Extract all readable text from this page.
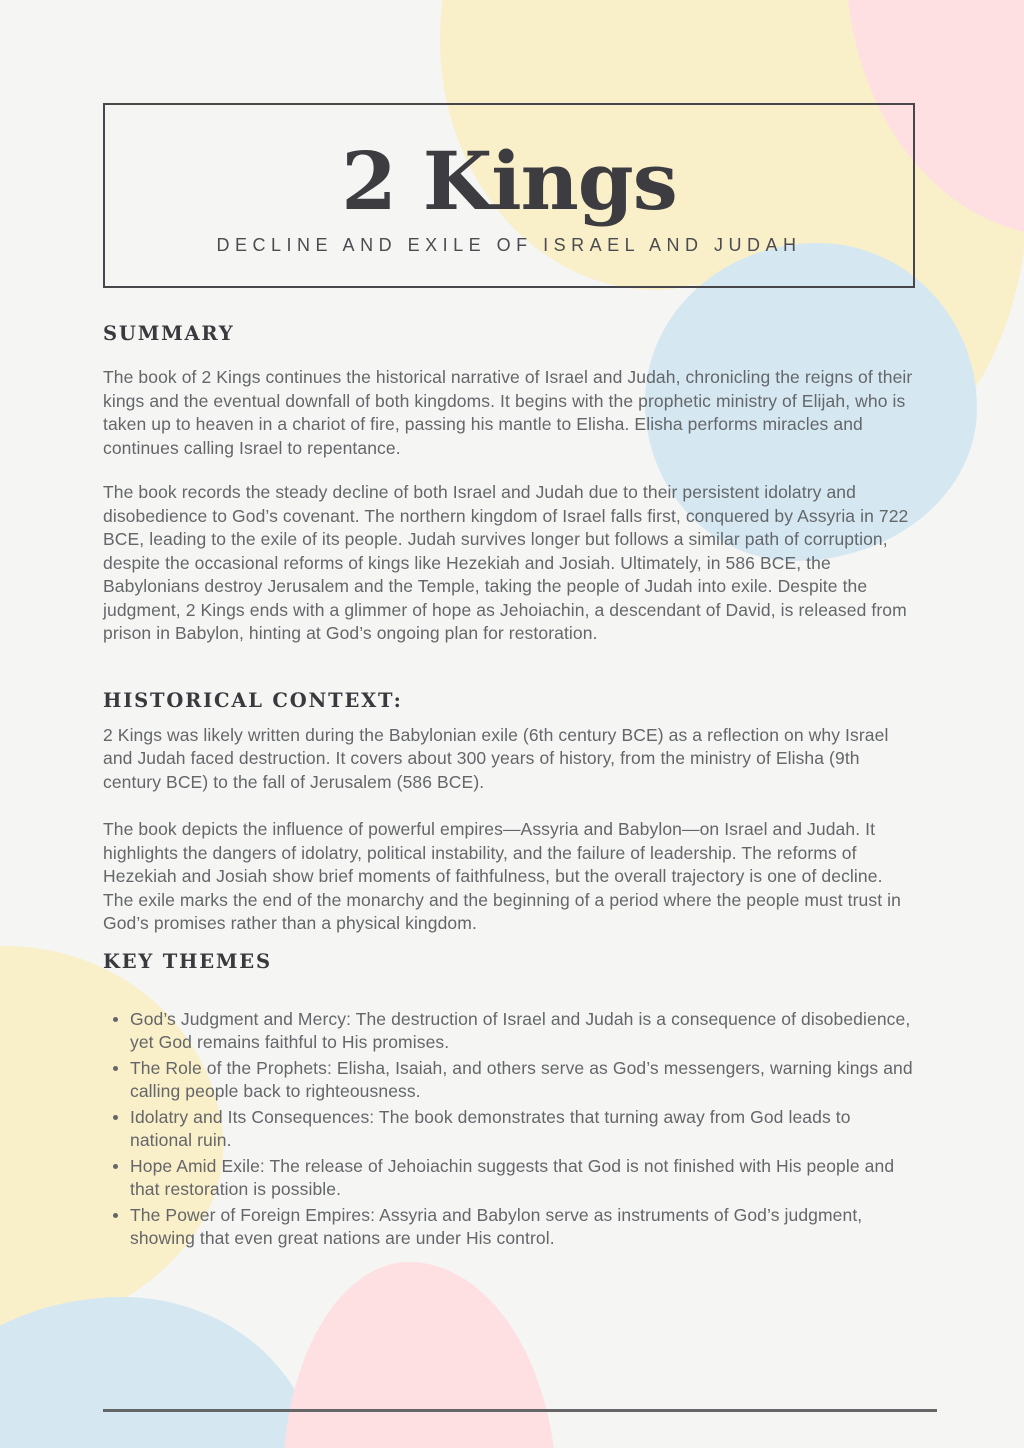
2 Kings
DECLINE AND EXILE OF ISRAEL AND JUDAH
SUMMARY

The book of 2 Kings continues the historical narrative of Israel and Judah, chronicling the reigns of their kings and the eventual downfall of both kingdoms. It begins with the prophetic ministry of Elijah, who is taken up to heaven in a chariot of fire, passing his mantle to Elisha. Elisha performs miracles and continues calling Israel to repentance.

The book records the steady decline of both Israel and Judah due to their persistent idolatry and disobedience to God’s covenant. The northern kingdom of Israel falls first, conquered by Assyria in 722 BCE, leading to the exile of its people. Judah survives longer but follows a similar path of corruption, despite the occasional reforms of kings like Hezekiah and Josiah. Ultimately, in 586 BCE, the Babylonians destroy Jerusalem and the Temple, taking the people of Judah into exile. Despite the judgment, 2 Kings ends with a glimmer of hope as Jehoiachin, a descendant of David, is released from prison in Babylon, hinting at God’s ongoing plan for restoration.

HISTORICAL CONTEXT:

2 Kings was likely written during the Babylonian exile (6th century BCE) as a reflection on why Israel and Judah faced destruction. It covers about 300 years of history, from the ministry of Elisha (9th century BCE) to the fall of Jerusalem (586 BCE).

The book depicts the influence of powerful empires—Assyria and Babylon—on Israel and Judah. It highlights the dangers of idolatry, political instability, and the failure of leadership. The reforms of Hezekiah and Josiah show brief moments of faithfulness, but the overall trajectory is one of decline. The exile marks the end of the monarchy and the beginning of a period where the people must trust in God’s promises rather than a physical kingdom.

KEY THEMES
God’s Judgment and Mercy: The destruction of Israel and Judah is a consequence of disobedience, yet God remains faithful to His promises.
The Role of the Prophets: Elisha, Isaiah, and others serve as God’s messengers, warning kings and calling people back to righteousness.
Idolatry and Its Consequences: The book demonstrates that turning away from God leads to national ruin.
Hope Amid Exile: The release of Jehoiachin suggests that God is not finished with His people and that restoration is possible.
The Power of Foreign Empires: Assyria and Babylon serve as instruments of God’s judgment, showing that even great nations are under His control.
